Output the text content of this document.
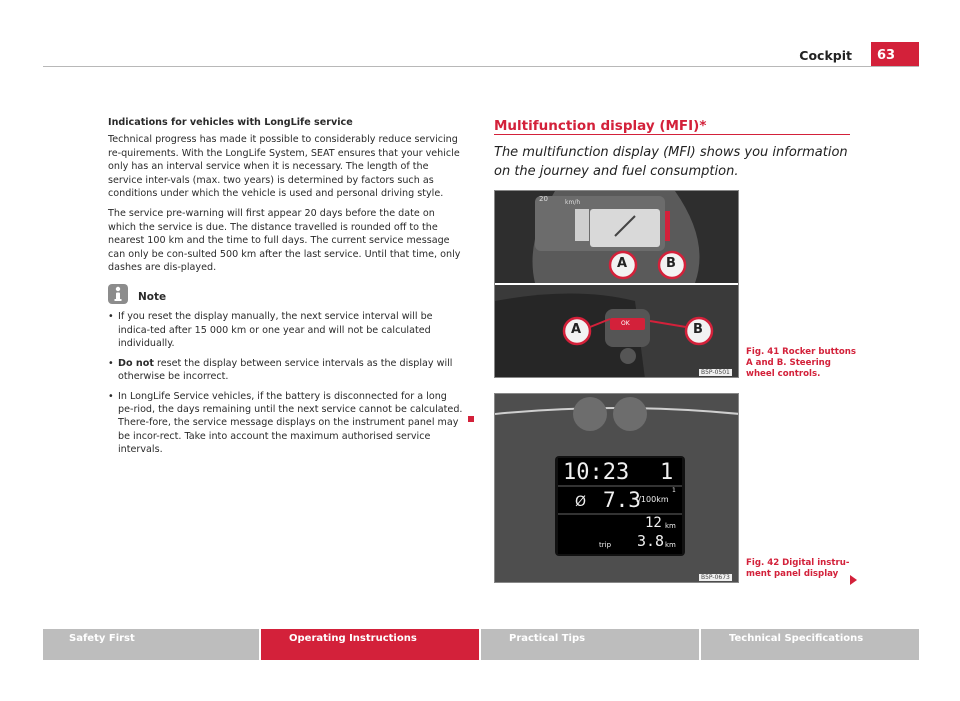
Cockpit	63

Indications for vehicles with LongLife service

Technical progress has made it possible to considerably reduce servicing re-quirements. With the LongLife System, SEAT ensures that your vehicle only has an interval service when it is necessary. The length of the service inter-vals (max. two years) is determined by factors such as conditions under which the vehicle is used and personal driving style.

The service pre-warning will first appear 20 days before the date on which the service is due. The distance travelled is rounded off to the nearest 100 km and the time to full days. The current service message can only be con-sulted 500 km after the last service. Until that time, only dashes are dis-played.

Note
• If you reset the display manually, the next service interval will be indica-ted after 15 000 km or one year and will not be calculated individually.
• Do not reset the display between service intervals as the display will otherwise be incorrect.
• In LongLife Service vehicles, if the battery is disconnected for a long pe-riod, the days remaining until the next service cannot be calculated. There-fore, the service message displays on the instrument panel may be incor-rect. Take into account the maximum authorised service intervals.
Multifunction display (MFI)*
The multifunction display (MFI) shows you information on the journey and fuel consumption.
20	km/h
A	B
A	B
OK
B5P-0501
Fig. 41 Rocker buttons A and B. Steering wheel controls.
10:23 1
Ø 7.3
l/100km
1
12 km
trip 3.8 km
B5P-0673
Fig. 42 Digital instru-ment panel display
Safety First	Operating Instructions	Practical Tips	Technical Specifications
